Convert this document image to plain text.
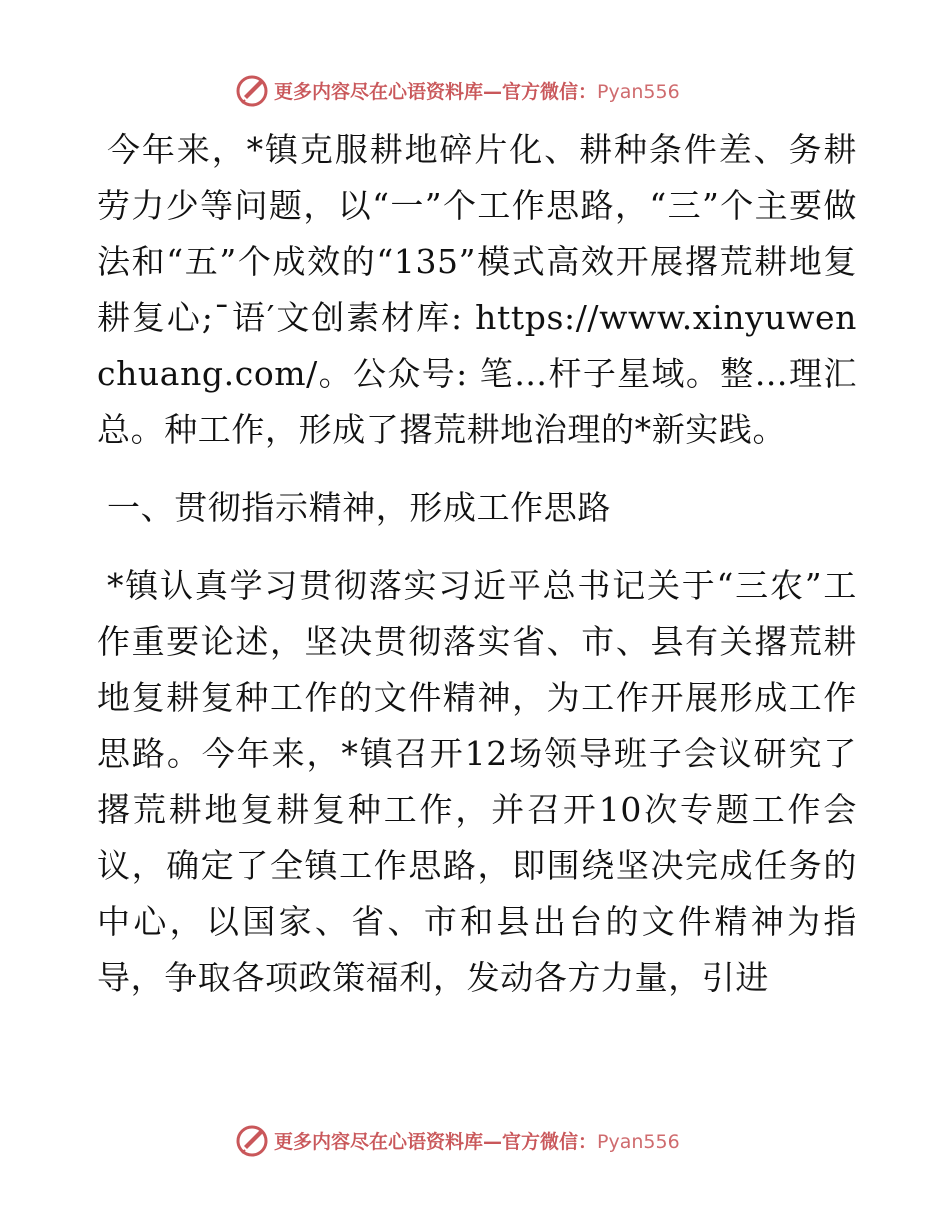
更多内容尽在心语资料库—官方微信：Pyan556

今年来，*镇克服耕地碎片化、耕种条件差、务耕劳力少等问题，以“一”个工作思路，“三”个主要做法和“五”个成效的“135”模式高效开展撂荒耕地复耕复心;¯语′文创素材库: https://www.xinyuwenchuang.com/。公众号: 笔…杆子星域。整…理汇总。种工作，形成了撂荒耕地治理的*新实践。

一、贯彻指示精神，形成工作思路

*镇认真学习贯彻落实习近平总书记关于“三农”工作重要论述，坚决贯彻落实省、市、县有关撂荒耕地复耕复种工作的文件精神，为工作开展形成工作思路。今年来，*镇召开12场领导班子会议研究了撂荒耕地复耕复种工作，并召开10次专题工作会议，确定了全镇工作思路，即围绕坚决完成任务的中心，以国家、省、市和县出台的文件精神为指导，争取各项政策福利，发动各方力量，引进

更多内容尽在心语资料库—官方微信：Pyan556
